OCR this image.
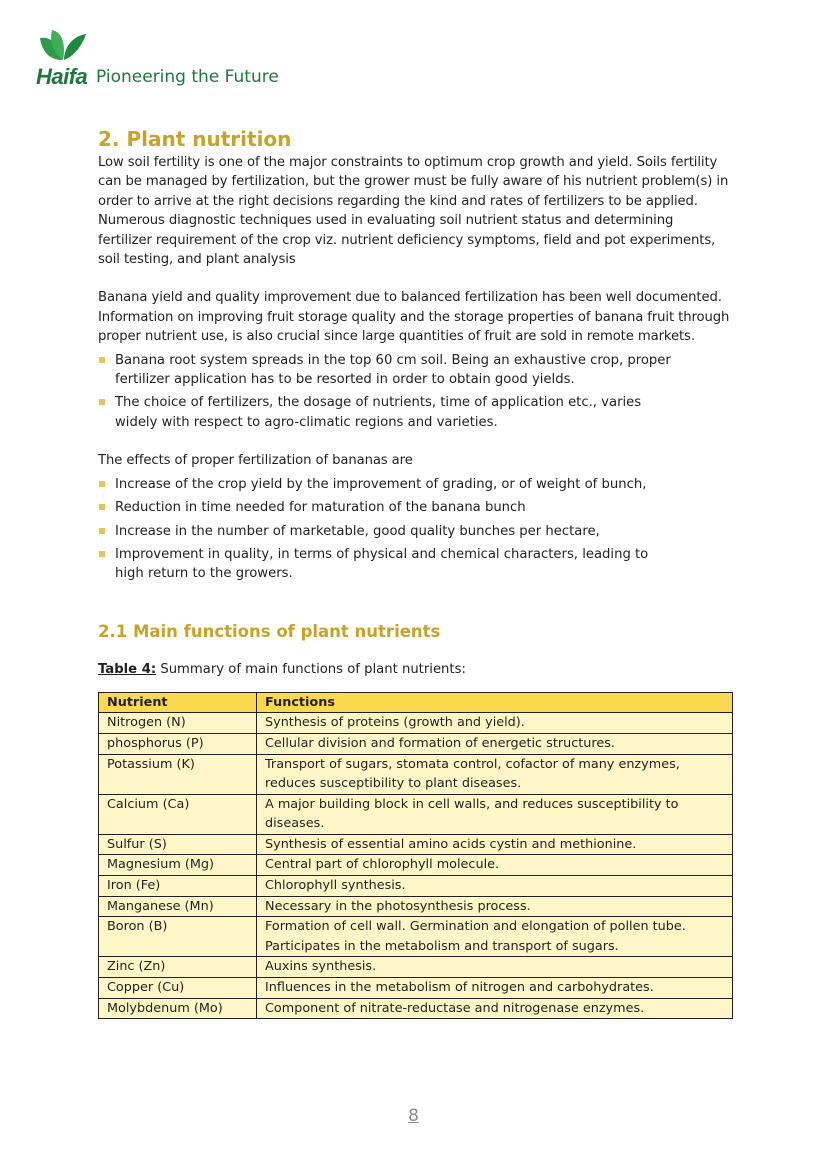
Haifa Pioneering the Future
2. Plant nutrition

Low soil fertility is one of the major constraints to optimum crop growth and yield. Soils fertility can be managed by fertilization, but the grower must be fully aware of his nutrient problem(s) in order to arrive at the right decisions regarding the kind and rates of fertilizers to be applied. Numerous diagnostic techniques used in evaluating soil nutrient status and determining fertilizer requirement of the crop viz. nutrient deficiency symptoms, field and pot experiments, soil testing, and plant analysis

Banana yield and quality improvement due to balanced fertilization has been well documented. Information on improving fruit storage quality and the storage properties of banana fruit through proper nutrient use, is also crucial since large quantities of fruit are sold in remote markets.

Banana root system spreads in the top 60 cm soil. Being an exhaustive crop, proper fertilizer application has to be resorted in order to obtain good yields.
The choice of fertilizers, the dosage of nutrients, time of application etc., varies widely with respect to agro-climatic regions and varieties.

The effects of proper fertilization of bananas are

Increase of the crop yield by the improvement of grading, or of weight of bunch,
Reduction in time needed for maturation of the banana bunch
Increase in the number of marketable, good quality bunches per hectare,
Improvement in quality, in terms of physical and chemical characters, leading to high return to the growers.
2.1 Main functions of plant nutrients

Table 4: Summary of main functions of plant nutrients:

Nutrient	Functions
Nitrogen (N)	Synthesis of proteins (growth and yield).
phosphorus (P)	Cellular division and formation of energetic structures.
Potassium (K)	Transport of sugars, stomata control, cofactor of many enzymes, reduces susceptibility to plant diseases.
Calcium (Ca)	A major building block in cell walls, and reduces susceptibility to diseases.
Sulfur (S)	Synthesis of essential amino acids cystin and methionine.
Magnesium (Mg)	Central part of chlorophyll molecule.
Iron (Fe)	Chlorophyll synthesis.
Manganese (Mn)	Necessary in the photosynthesis process.
Boron (B)	Formation of cell wall. Germination and elongation of pollen tube. Participates in the metabolism and transport of sugars.
Zinc (Zn)	Auxins synthesis.
Copper (Cu)	Influences in the metabolism of nitrogen and carbohydrates.
Molybdenum (Mo)	Component of nitrate-reductase and nitrogenase enzymes.
8
